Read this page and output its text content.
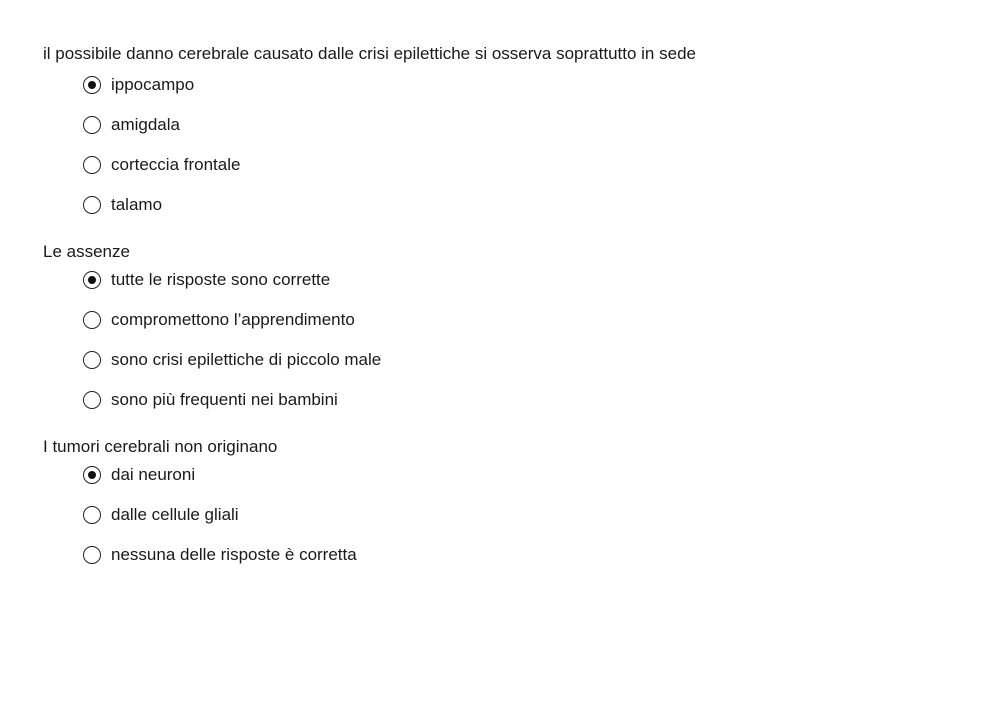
il possibile danno cerebrale causato dalle crisi epilettiche si osserva soprattutto in sede

ippocampo
amigdala
corteccia frontale
talamo

Le assenze

tutte le risposte sono corrette
compromettono l’apprendimento
sono crisi epilettiche di piccolo male
sono più frequenti nei bambini

I tumori cerebrali non originano

dai neuroni
dalle cellule gliali
nessuna delle risposte è corretta
